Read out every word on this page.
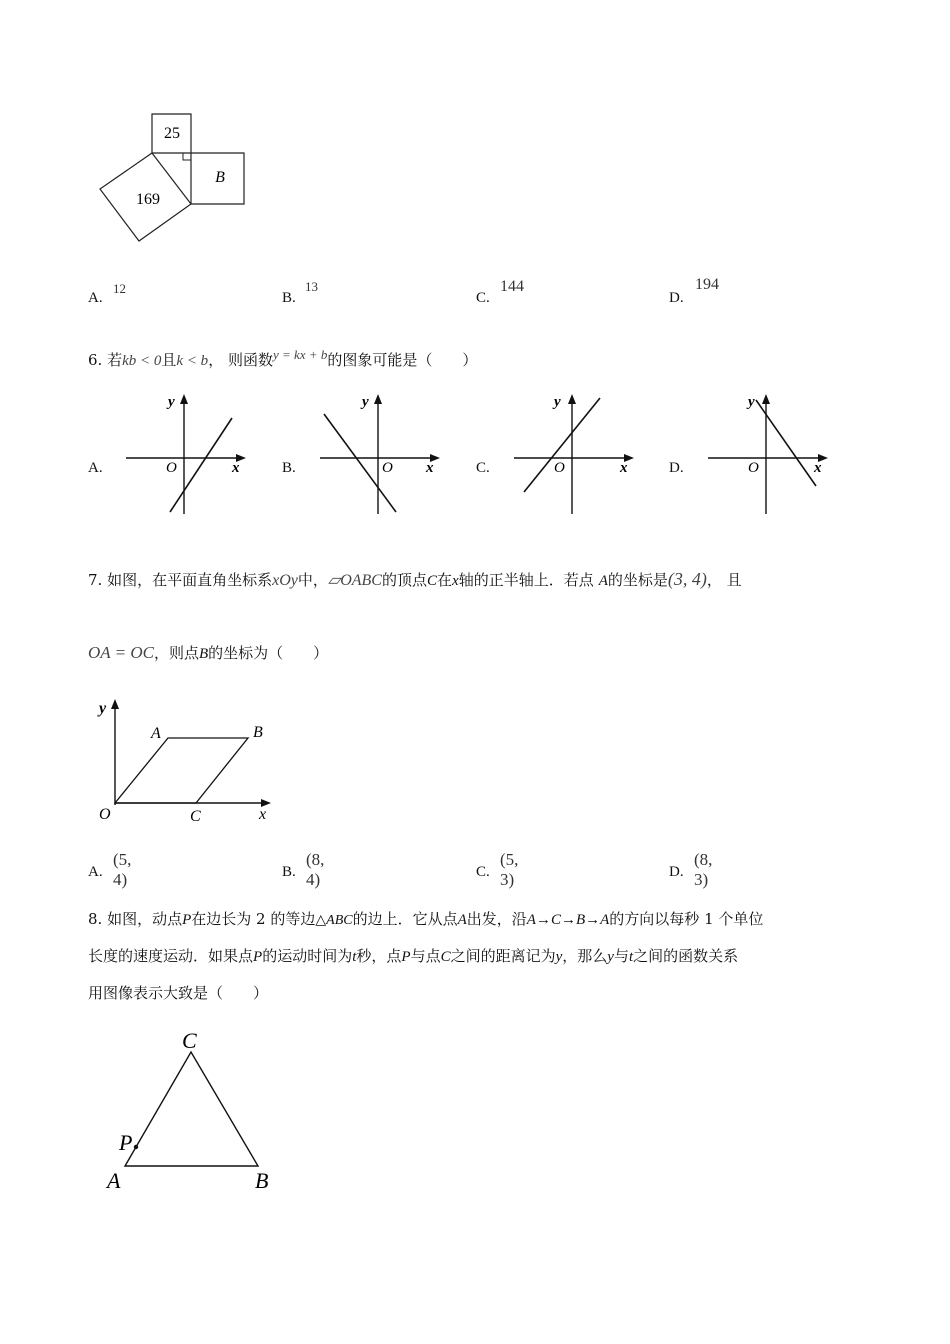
25
169
B
A.
12
B.
13
C.
144
D.
194
6. 若kb < 0且k < b， 则函数y = kx + b的图象可能是（　　）
A.	B.	C.	D.
y
x
O
y
x
O
y
x
O
y
x
O
7. 如图，在平面直角坐标系xOy中，▱OABC的顶点C在x轴的正半轴上．若点 A的坐标是(3, 4)， 且
OA = OC，则点B的坐标为（　　）
y
x
O
A	B
C
A.
(5, 4)	B.
(8, 4)	C.
(5, 3)	D.
(8, 3)
8. 如图，动点P在边长为 2 的等边△ABC的边上．它从点A出发，沿A→C→B→A的方向以每秒 1 个单位
长度的速度运动．如果点P的运动时间为t秒，点P与点C之间的距离记为y，那么y与t之间的函数关系
用图像表示大致是（　　）
C
P
A	B
